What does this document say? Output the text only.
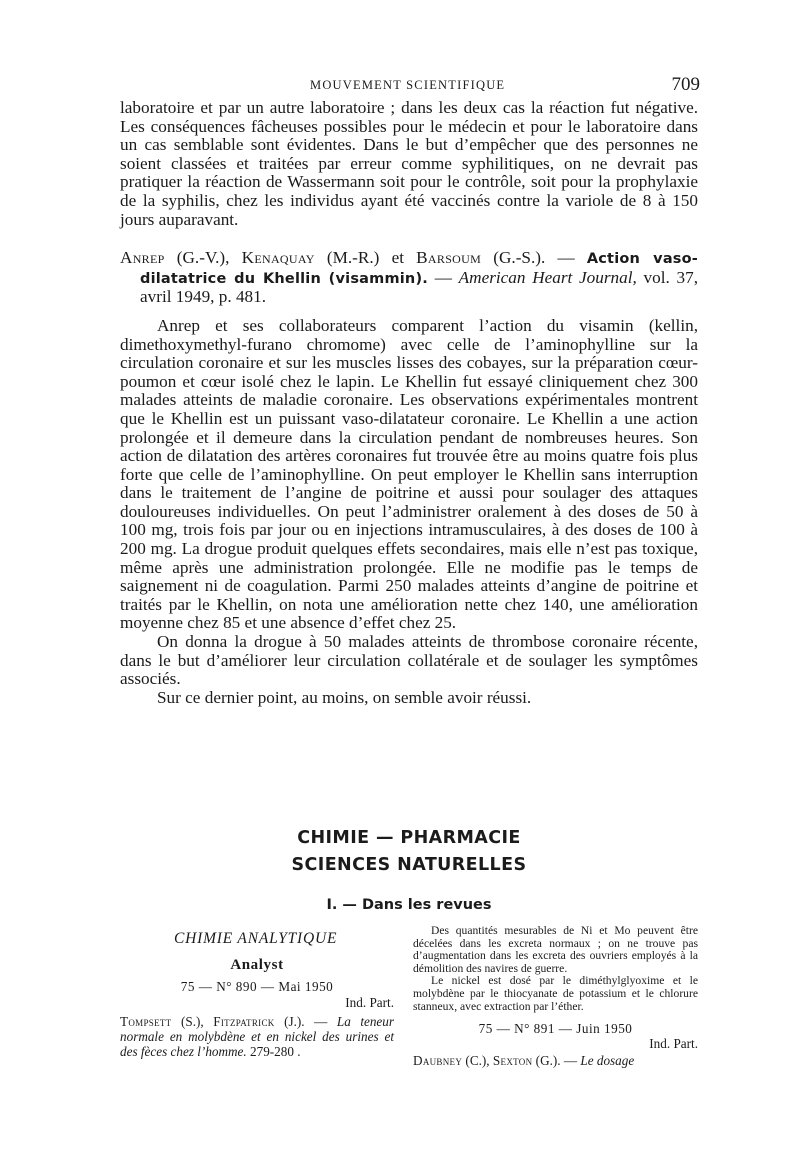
MOUVEMENT SCIENTIFIQUE	709

laboratoire et par un autre laboratoire ; dans les deux cas la réaction fut négative. Les conséquences fâcheuses possibles pour le médecin et pour le laboratoire dans un cas semblable sont évidentes. Dans le but d’empêcher que des personnes ne soient classées et traitées par erreur comme syphilitiques, on ne devrait pas pratiquer la réaction de Wassermann soit pour le contrôle, soit pour la prophylaxie de la syphilis, chez les individus ayant été vaccinés contre la variole de 8 à 150 jours auparavant.

Anrep (G.-V.), Kenaquay (M.-R.) et Barsoum (G.-S.). — Action vaso-dilatatrice du Khellin (visammin). — American Heart Journal, vol. 37, avril 1949, p. 481.

Anrep et ses collaborateurs comparent l’action du visamin (kellin, dimethoxymethyl-furano chromome) avec celle de l’aminophylline sur la circulation coronaire et sur les muscles lisses des cobayes, sur la préparation cœur-poumon et cœur isolé chez le lapin. Le Khellin fut essayé cliniquement chez 300 malades atteints de maladie coronaire. Les observations expérimentales montrent que le Khellin est un puissant vaso-dilatateur coronaire. Le Khellin a une action prolongée et il demeure dans la circulation pendant de nombreuses heures. Son action de dilatation des artères coronaires fut trouvée être au moins quatre fois plus forte que celle de l’aminophylline. On peut employer le Khellin sans interruption dans le traitement de l’angine de poitrine et aussi pour soulager des attaques douloureuses individuelles. On peut l’administrer oralement à des doses de 50 à 100 mg, trois fois par jour ou en injections intramusculaires, à des doses de 100 à 200 mg. La drogue produit quelques effets secondaires, mais elle n’est pas toxique, même après une administration prolongée. Elle ne modifie pas le temps de saignement ni de coagulation. Parmi 250 malades atteints d’angine de poitrine et traités par le Khellin, on nota une amélioration nette chez 140, une amélioration moyenne chez 85 et une absence d’effet chez 25.

On donna la drogue à 50 malades atteints de thrombose coronaire récente, dans le but d’améliorer leur circulation collatérale et de soulager les symptômes associés.

Sur ce dernier point, au moins, on semble avoir réussi.

CHIMIE — PHARMACIE
SCIENCES NATURELLES
I. — Dans les revues
CHIMIE ANALYTIQUE
Analyst
75 — N° 890 — Mai 1950
Ind. Part.
Tompsett (S.), Fitzpatrick (J.). — La teneur normale en molybdène et en nickel des urines et des fèces chez l’homme. 279-280 .

Des quantités mesurables de Ni et Mo peuvent être décelées dans les excreta normaux ; on ne trouve pas d’augmentation dans les excreta des ouvriers employés à la démolition des navires de guerre.

Le nickel est dosé par le diméthylglyoxime et le molybdène par le thiocyanate de potassium et le chlorure stanneux, avec extraction par l’éther.

75 — N° 891 — Juin 1950
Ind. Part.
Daubney (C.), Sexton (G.). — Le dosage
